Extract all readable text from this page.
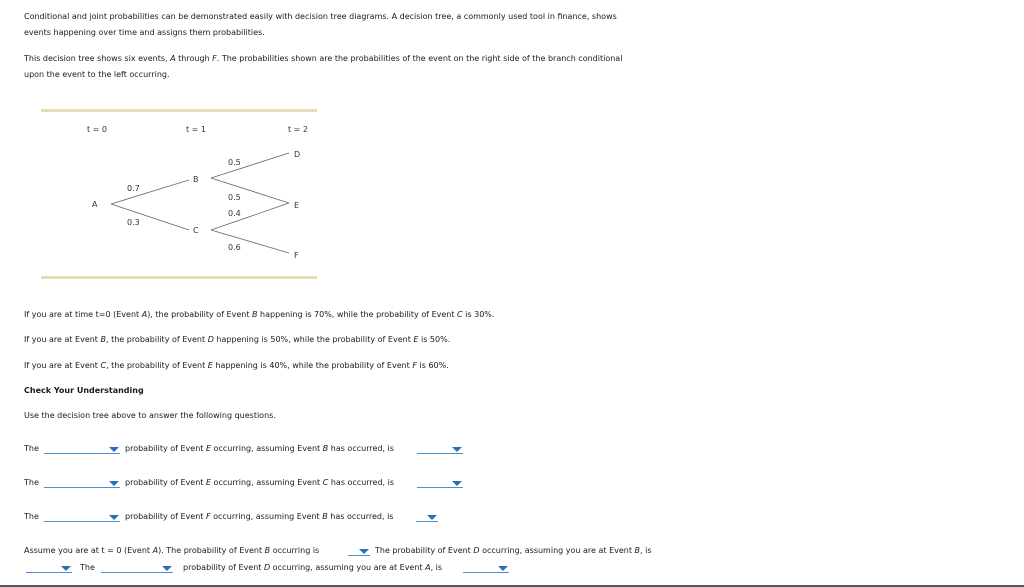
Conditional and joint probabilities can be demonstrated easily with decision tree diagrams. A decision tree, a commonly used tool in finance, shows
events happening over time and assigns them probabilities.
This decision tree shows six events, A through F. The probabilities shown are the probabilities of the event on the right side of the branch conditional
upon the event to the left occurring.
t = 0	t = 1	t = 2
A
B
C
D
E
F
0.7
0.3
0.5
0.5
0.4
0.6
If you are at time t=0 (Event A), the probability of Event B happening is 70%, while the probability of Event C is 30%.
If you are at Event B, the probability of Event D happening is 50%, while the probability of Event E is 50%.
If you are at Event C, the probability of Event E happening is 40%, while the probability of Event F is 60%.
Check Your Understanding
Use the decision tree above to answer the following questions.
The	probability of Event E occurring, assuming Event B has occurred, is
The	probability of Event E occurring, assuming Event C has occurred, is
The	probability of Event F occurring, assuming Event B has occurred, is
Assume you are at t = 0 (Event A). The probability of Event B occurring is	The probability of Event D occurring, assuming you are at Event B, is
The	probability of Event D occurring, assuming you are at Event A, is
